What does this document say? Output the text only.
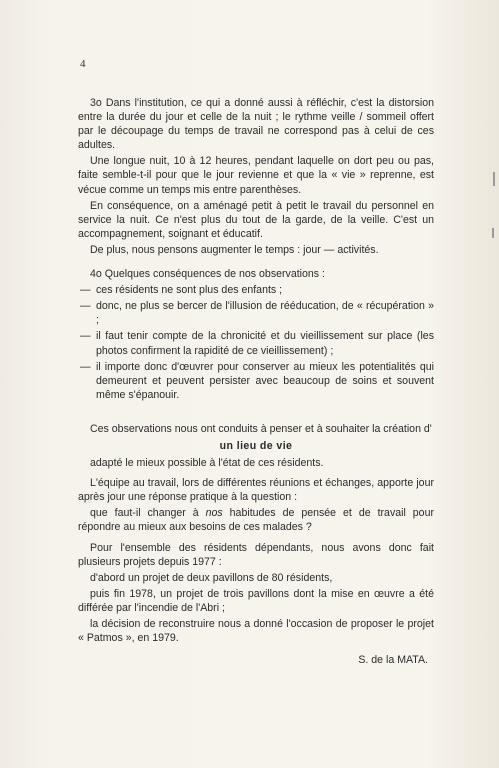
4

3o Dans l'institution, ce qui a donné aussi à réfléchir, c'est la distorsion entre la durée du jour et celle de la nuit ; le rythme veille / sommeil offert par le découpage du temps de travail ne correspond pas à celui de ces adultes.

Une longue nuit, 10 à 12 heures, pendant laquelle on dort peu ou pas, faite semble-t-il pour que le jour revienne et que la « vie » reprenne, est vécue comme un temps mis entre parenthèses.

En conséquence, on a aménagé petit à petit le travail du personnel en service la nuit. Ce n'est plus du tout de la garde, de la veille. C'est un accompagnement, soignant et éducatif.

De plus, nous pensons augmenter le temps : jour — activités.

4o Quelques conséquences de nos observations :

— ces résidents ne sont plus des enfants ;
— donc, ne plus se bercer de l'illusion de rééducation, de « récupération » ;
— il faut tenir compte de la chronicité et du vieillissement sur place (les photos confirment la rapidité de ce vieillissement) ;
— il importe donc d'œuvrer pour conserver au mieux les potentialités qui demeurent et peuvent persister avec beaucoup de soins et souvent même s'épanouir.

Ces observations nous ont conduits à penser et à souhaiter la création d'

un lieu de vie

adapté le mieux possible à l'état de ces résidents.

L'équipe au travail, lors de différentes réunions et échanges, apporte jour après jour une réponse pratique à la question :

que faut-il changer à nos habitudes de pensée et de travail pour répondre au mieux aux besoins de ces malades ?

Pour l'ensemble des résidents dépendants, nous avons donc fait plusieurs projets depuis 1977 :

d'abord un projet de deux pavillons de 80 résidents,

puis fin 1978, un projet de trois pavillons dont la mise en œuvre a été différée par l'incendie de l'Abri ;

la décision de reconstruire nous a donné l'occasion de proposer le projet « Patmos », en 1979.

S. de la MATA.
